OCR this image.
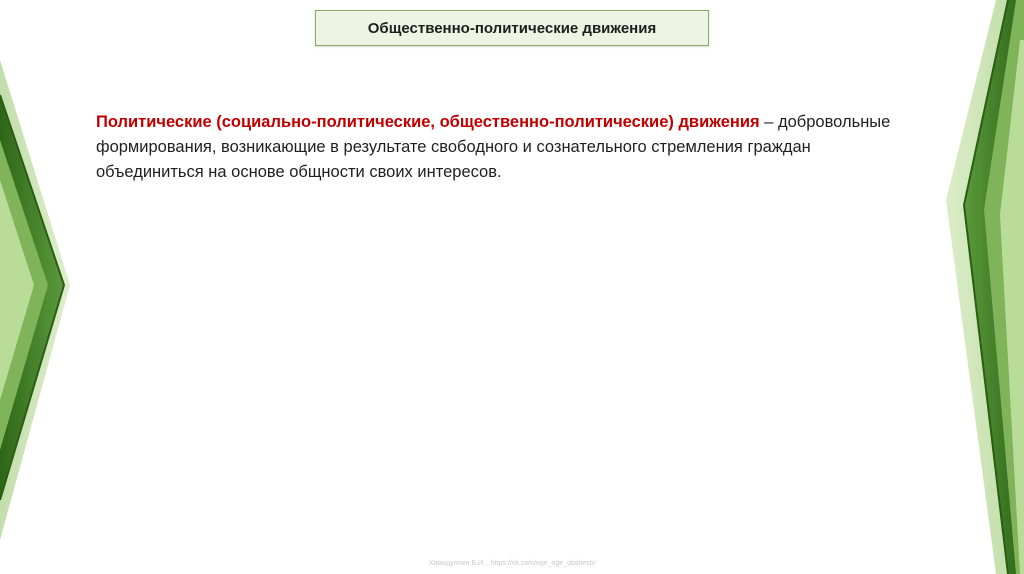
Общественно-политические движения

Политические (социально-политические, общественно-политические) движения – добровольные формирования, возникающие в результате свободного и сознательного стремления граждан объединиться на основе общности своих интересов.

Хамидуллин Б.И. , https://vk.com/ege_oge_obshestv
